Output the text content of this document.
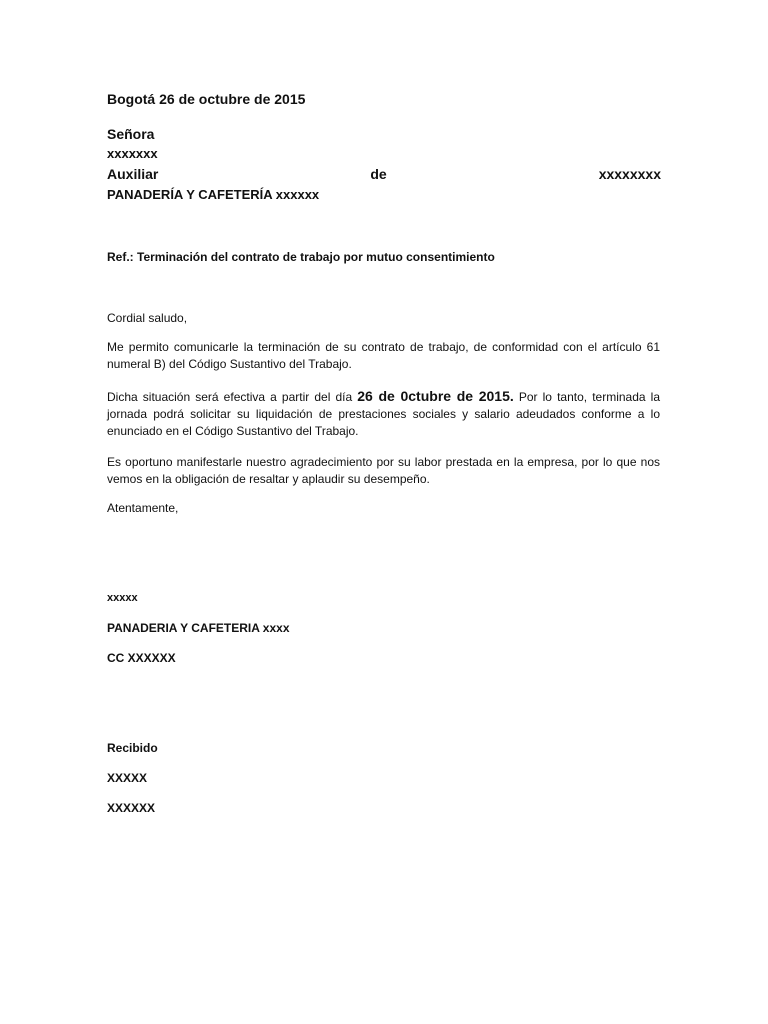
Bogotá 26 de octubre de 2015
Señora
xxxxxxx
Auxiliar	de	xxxxxxxx
PANADERÍA Y CAFETERÍA xxxxxx
Ref.: Terminación del contrato de trabajo por mutuo consentimiento
Cordial saludo,
Me permito comunicarle la terminación de su contrato de trabajo, de conformidad con el artículo 61 numeral B) del Código Sustantivo del Trabajo.
Dicha situación será efectiva a partir del día 26 de 0ctubre de 2015. Por lo tanto, terminada la jornada podrá solicitar su liquidación de prestaciones sociales y salario adeudados conforme a lo enunciado en el Código Sustantivo del Trabajo.
Es oportuno manifestarle nuestro agradecimiento por su labor prestada en la empresa, por lo que nos vemos en la obligación de resaltar y aplaudir su desempeño.
Atentamente,
xxxxx
PANADERIA Y CAFETERIA xxxx
CC XXXXXX
Recibido
XXXXX
XXXXXX
